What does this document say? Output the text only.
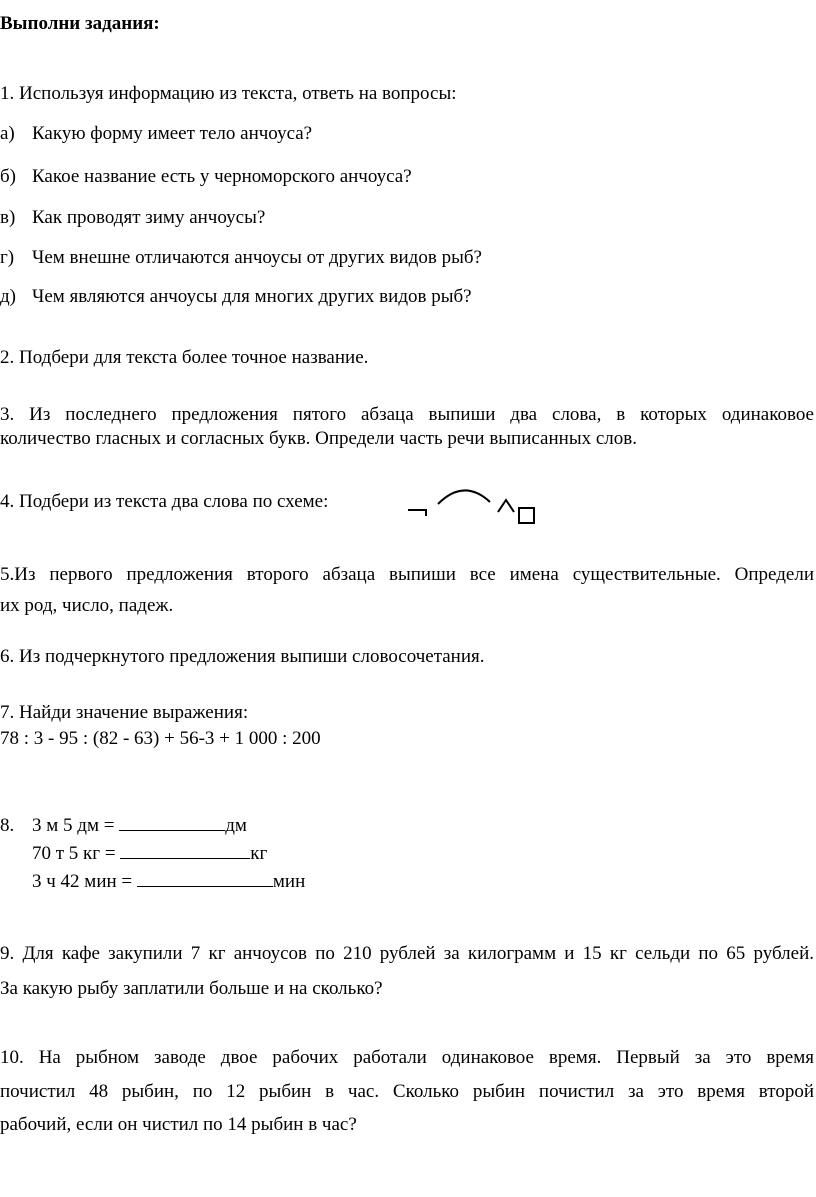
Выполни задания:
1. Используя информацию из текста, ответь на вопросы:
а) Какую форму имеет тело анчоуса?
б) Какое название есть у черноморского анчоуса?
в) Как проводят зиму анчоусы?
г) Чем внешне отличаются анчоусы от других видов рыб?
д) Чем являются анчоусы для многих других видов рыб?
2. Подбери для текста более точное название.
3. Из последнего предложения пятого абзаца выпиши два слова, в которых одинаковое
количество гласных и согласных букв. Определи часть речи выписанных слов.
4. Подбери из текста два слова по схеме:
5.Из первого предложения второго абзаца выпиши все имена существительные. Определи
их род, число, падеж.
6. Из подчеркнутого предложения выпиши словосочетания.
7. Найди значение выражения:
78 : 3 - 95 : (82 - 63) + 56-3 + 1 000 : 200
8. 3 м 5 дм =	дм
70 т 5 кг =	кг
3 ч 42 мин =	мин
9. Для кафе закупили 7 кг анчоусов по 210 рублей за килограмм и 15 кг сельди по 65 рублей.
За какую рыбу заплатили больше и на сколько?
10. На рыбном заводе двое рабочих работали одинаковое время. Первый за это время
почистил 48 рыбин, по 12 рыбин в час. Сколько рыбин почистил за это время второй
рабочий, если он чистил по 14 рыбин в час?
